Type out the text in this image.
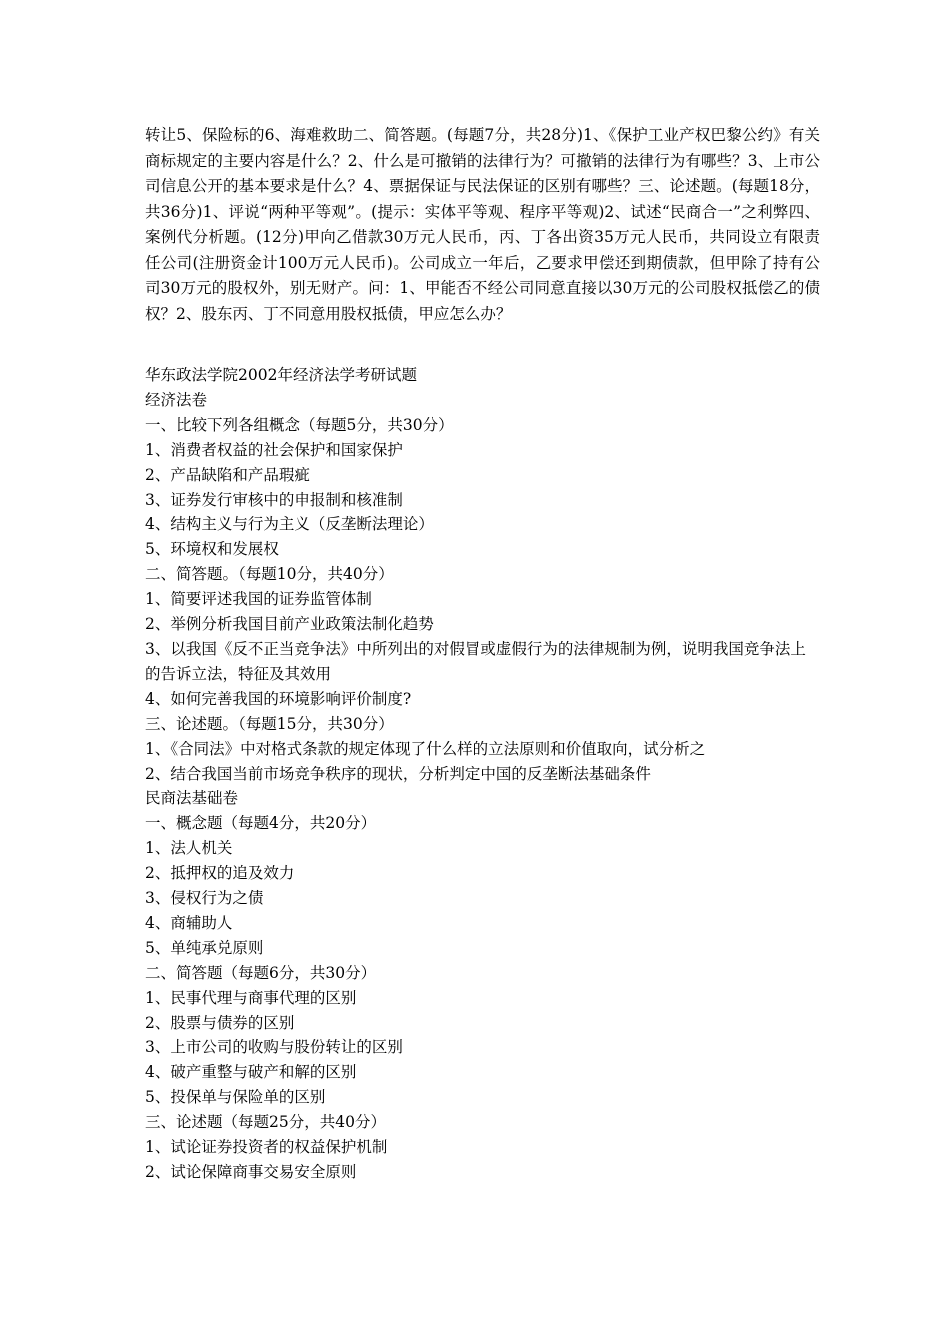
转让5、保险标的6、海难救助二、简答题。(每题7分，共28分)1、《保护工业产权巴黎公约》有关商标规定的主要内容是什么？2、什么是可撤销的法律行为？可撤销的法律行为有哪些？3、上市公司信息公开的基本要求是什么？4、票据保证与民法保证的区别有哪些？三、论述题。(每题18分，共36分)1、评说“两种平等观”。(提示：实体平等观、程序平等观)2、试述“民商合一”之利弊四、案例代分析题。(12分)甲向乙借款30万元人民币，丙、丁各出资35万元人民币，共同设立有限责任公司(注册资金计100万元人民币)。公司成立一年后，乙要求甲偿还到期债款，但甲除了持有公司30万元的股权外，别无财产。问：1、甲能否不经公司同意直接以30万元的公司股权抵偿乙的债权？2、股东丙、丁不同意用股权抵债，甲应怎么办？

华东政法学院2002年经济法学考研试题

经济法卷

一、比较下列各组概念（每题5分，共30分）

1、消费者权益的社会保护和国家保护

2、产品缺陷和产品瑕疵

3、证券发行审核中的申报制和核准制

4、结构主义与行为主义（反垄断法理论）

5、环境权和发展权

二、简答题。（每题10分，共40分）

1、简要评述我国的证券监管体制

2、举例分析我国目前产业政策法制化趋势

3、以我国《反不正当竞争法》中所列出的对假冒或虚假行为的法律规制为例，说明我国竞争法上的告诉立法，特征及其效用

4、如何完善我国的环境影响评价制度?

三、论述题。（每题15分，共30分）

1、《合同法》中对格式条款的规定体现了什么样的立法原则和价值取向，试分析之

2、结合我国当前市场竞争秩序的现状，分析判定中国的反垄断法基础条件

民商法基础卷

一、概念题（每题4分，共20分）

1、法人机关

2、抵押权的追及效力

3、侵权行为之债

4、商辅助人

5、单纯承兑原则

二、简答题（每题6分，共30分）

1、民事代理与商事代理的区别

2、股票与债券的区别

3、上市公司的收购与股份转让的区别

4、破产重整与破产和解的区别

5、投保单与保险单的区别

三、论述题（每题25分，共40分）

1、试论证券投资者的权益保护机制

2、试论保障商事交易安全原则
